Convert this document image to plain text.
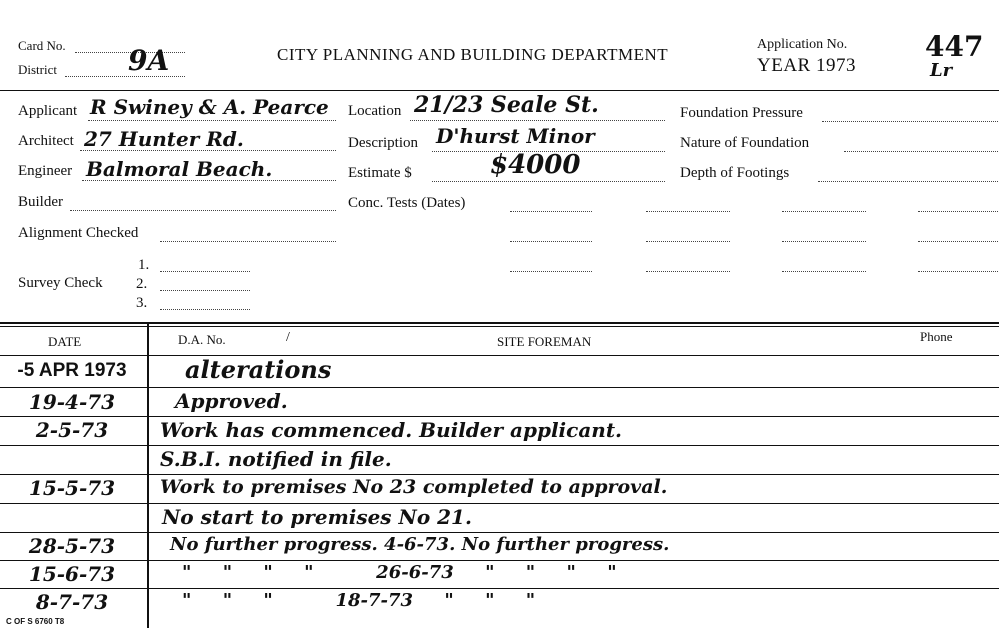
Card No. 9A
District
CITY PLANNING AND BUILDING DEPARTMENT
Application No.
YEAR 1973
447
Lr
Applicant R Swiney & A. Pearce
Architect 27 Hunter Rd.
Engineer Balmoral Beach.
Builder
Alignment Checked
Survey Check
1.
2.
3.
Location 21/23 Seale St.
Description D'hurst Minor
Estimate $	$4000
Conc. Tests (Dates)
Foundation Pressure
Nature of Foundation
Depth of Footings
DATE	D.A. No.	/	SITE FOREMAN	Phone
-5 APR 1973	alterations
19-4-73	Approved.
2-5-73	Work has commenced. Builder applicant.
S.B.I. notified in file.
15-5-73	Work to premises No 23 completed to approval.
No start to premises No 21.
28-5-73	No further progress. 4-6-73. No further progress.
15-6-73	"     "     "     "          26-6-73     "     "     "     "
8-7-73	"     "     "          18-7-73     "     "     "
C OF S 6760 T8
